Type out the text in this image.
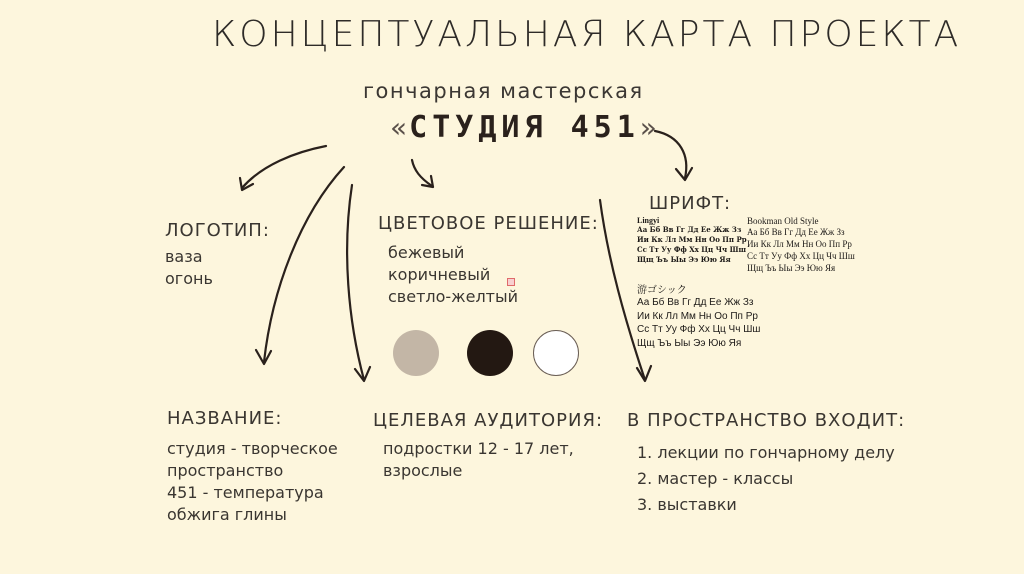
КОНЦЕПТУАЛЬНАЯ КАРТА ПРОЕКТА
гончарная мастерская
«СТУДИЯ 451»
ЛОГОТИП:
ваза
огонь
ЦВЕТОВОЕ РЕШЕНИЕ:
бежевый
коричневый
светло-желтый
ШРИФТ:
Lingyi
Аа Бб Вв Гг Дд Ее Жж Зз
Ии Кк Лл Мм Нн Оо Пп Рр
Сс Тт Уу Фф Хх Цц Чч Шш
Щщ Ъъ Ыы Ээ Юю Яя
Bookman Old Style
Аа Бб Вв Гг Дд Ее Жж Зз
Ии Кк Лл Мм Нн Оо Пп Рр
Сс Тт Уу Фф Хх Цц Чч Шш
Щщ Ъъ Ыы Ээ Юю Яя
游ゴシック
Аа Бб Вв Гг Дд Ее Жж Зз
Ии Кк Лл Мм Нн Оо Пп Рр
Сс Тт Уу Фф Хх Цц Чч Шш
Щщ Ъъ Ыы Ээ Юю Яя
НАЗВАНИЕ:
студия - творческое
пространство
451 - температура
обжига глины
ЦЕЛЕВАЯ АУДИТОРИЯ:
подростки 12 - 17 лет,
взрослые
В ПРОСТРАНСТВО ВХОДИТ:
1. лекции по гончарному делу
2. мастер - классы
3. выставки
